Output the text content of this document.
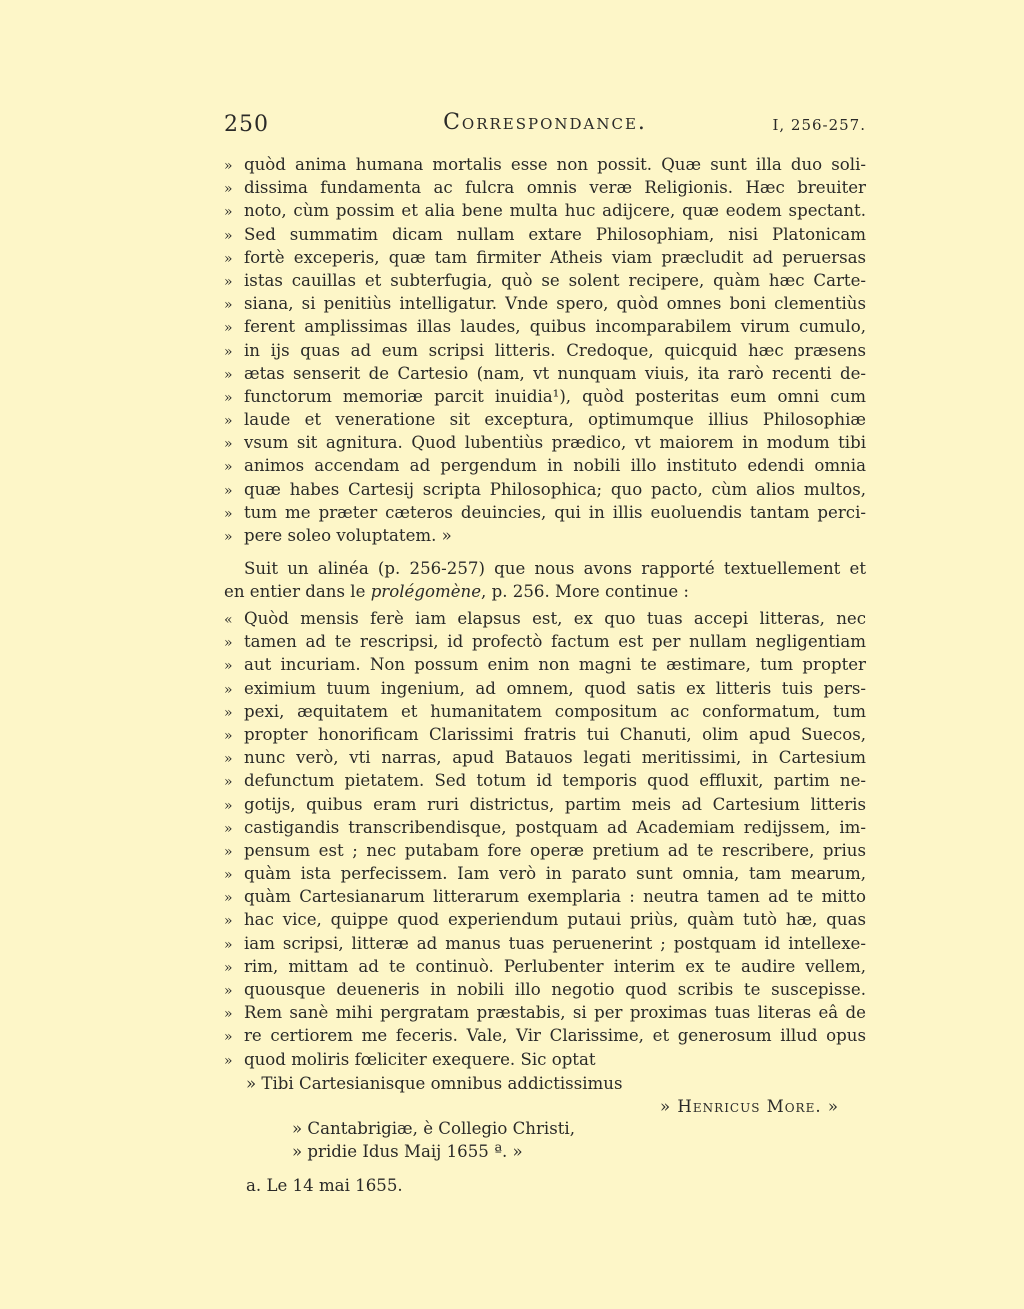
250	Correspondance.	I, 256-257.
» quòd anima humana mortalis esse non possit. Quæ sunt illa duo soli-
» dissima fundamenta ac fulcra omnis veræ Religionis. Hæc breuiter
» noto, cùm possim et alia bene multa huc adijcere, quæ eodem spectant.
» Sed summatim dicam nullam extare Philosophiam, nisi Platonicam
» fortè exceperis, quæ tam firmiter Atheis viam præcludit ad peruersas
» istas cauillas et subterfugia, quò se solent recipere, quàm hæc Carte-
» siana, si penitiùs intelligatur. Vnde spero, quòd omnes boni clementiùs
» ferent amplissimas illas laudes, quibus incomparabilem virum cumulo,
» in ijs quas ad eum scripsi litteris. Credoque, quicquid hæc præsens
» ætas senserit de Cartesio (nam, vt nunquam viuis, ita rarò recenti de-
» functorum memoriæ parcit inuidia¹), quòd posteritas eum omni cum
» laude et veneratione sit exceptura, optimumque illius Philosophiæ
» vsum sit agnitura. Quod lubentiùs prædico, vt maiorem in modum tibi
» animos accendam ad pergendum in nobili illo instituto edendi omnia
» quæ habes Cartesij scripta Philosophica; quo pacto, cùm alios multos,
» tum me præter cæteros deuincies, qui in illis euoluendis tantam perci-
» pere soleo voluptatem. »
Suit un alinéa (p. 256-257) que nous avons rapporté textuellement et
en entier dans le prolégomène, p. 256. More continue :
« Quòd mensis ferè iam elapsus est, ex quo tuas accepi litteras, nec
» tamen ad te rescripsi, id profectò factum est per nullam negligentiam
» aut incuriam. Non possum enim non magni te æstimare, tum propter
» eximium tuum ingenium, ad omnem, quod satis ex litteris tuis pers-
» pexi, æquitatem et humanitatem compositum ac conformatum, tum
» propter honorificam Clarissimi fratris tui Chanuti, olim apud Suecos,
» nunc verò, vti narras, apud Batauos legati meritissimi, in Cartesium
» defunctum pietatem. Sed totum id temporis quod effluxit, partim ne-
» gotijs, quibus eram ruri districtus, partim meis ad Cartesium litteris
» castigandis transcribendisque, postquam ad Academiam redijssem, im-
» pensum est ; nec putabam fore operæ pretium ad te rescribere, prius
» quàm ista perfecissem. Iam verò in parato sunt omnia, tam mearum,
» quàm Cartesianarum litterarum exemplaria : neutra tamen ad te mitto
» hac vice, quippe quod experiendum putaui priùs, quàm tutò hæ, quas
» iam scripsi, litteræ ad manus tuas peruenerint ; postquam id intellexe-
» rim, mittam ad te continuò. Perlubenter interim ex te audire vellem,
» quousque deueneris in nobili illo negotio quod scribis te suscepisse.
» Rem sanè mihi pergratam præstabis, si per proximas tuas literas eâ de
» re certiorem me feceris. Vale, Vir Clarissime, et generosum illud opus
» quod moliris fœliciter exequere. Sic optat
» Tibi Cartesianisque omnibus addictissimus
» Henricus More. »
» Cantabrigiæ, è Collegio Christi,
» pridie Idus Maij 1655 ª. »
a. Le 14 mai 1655.
